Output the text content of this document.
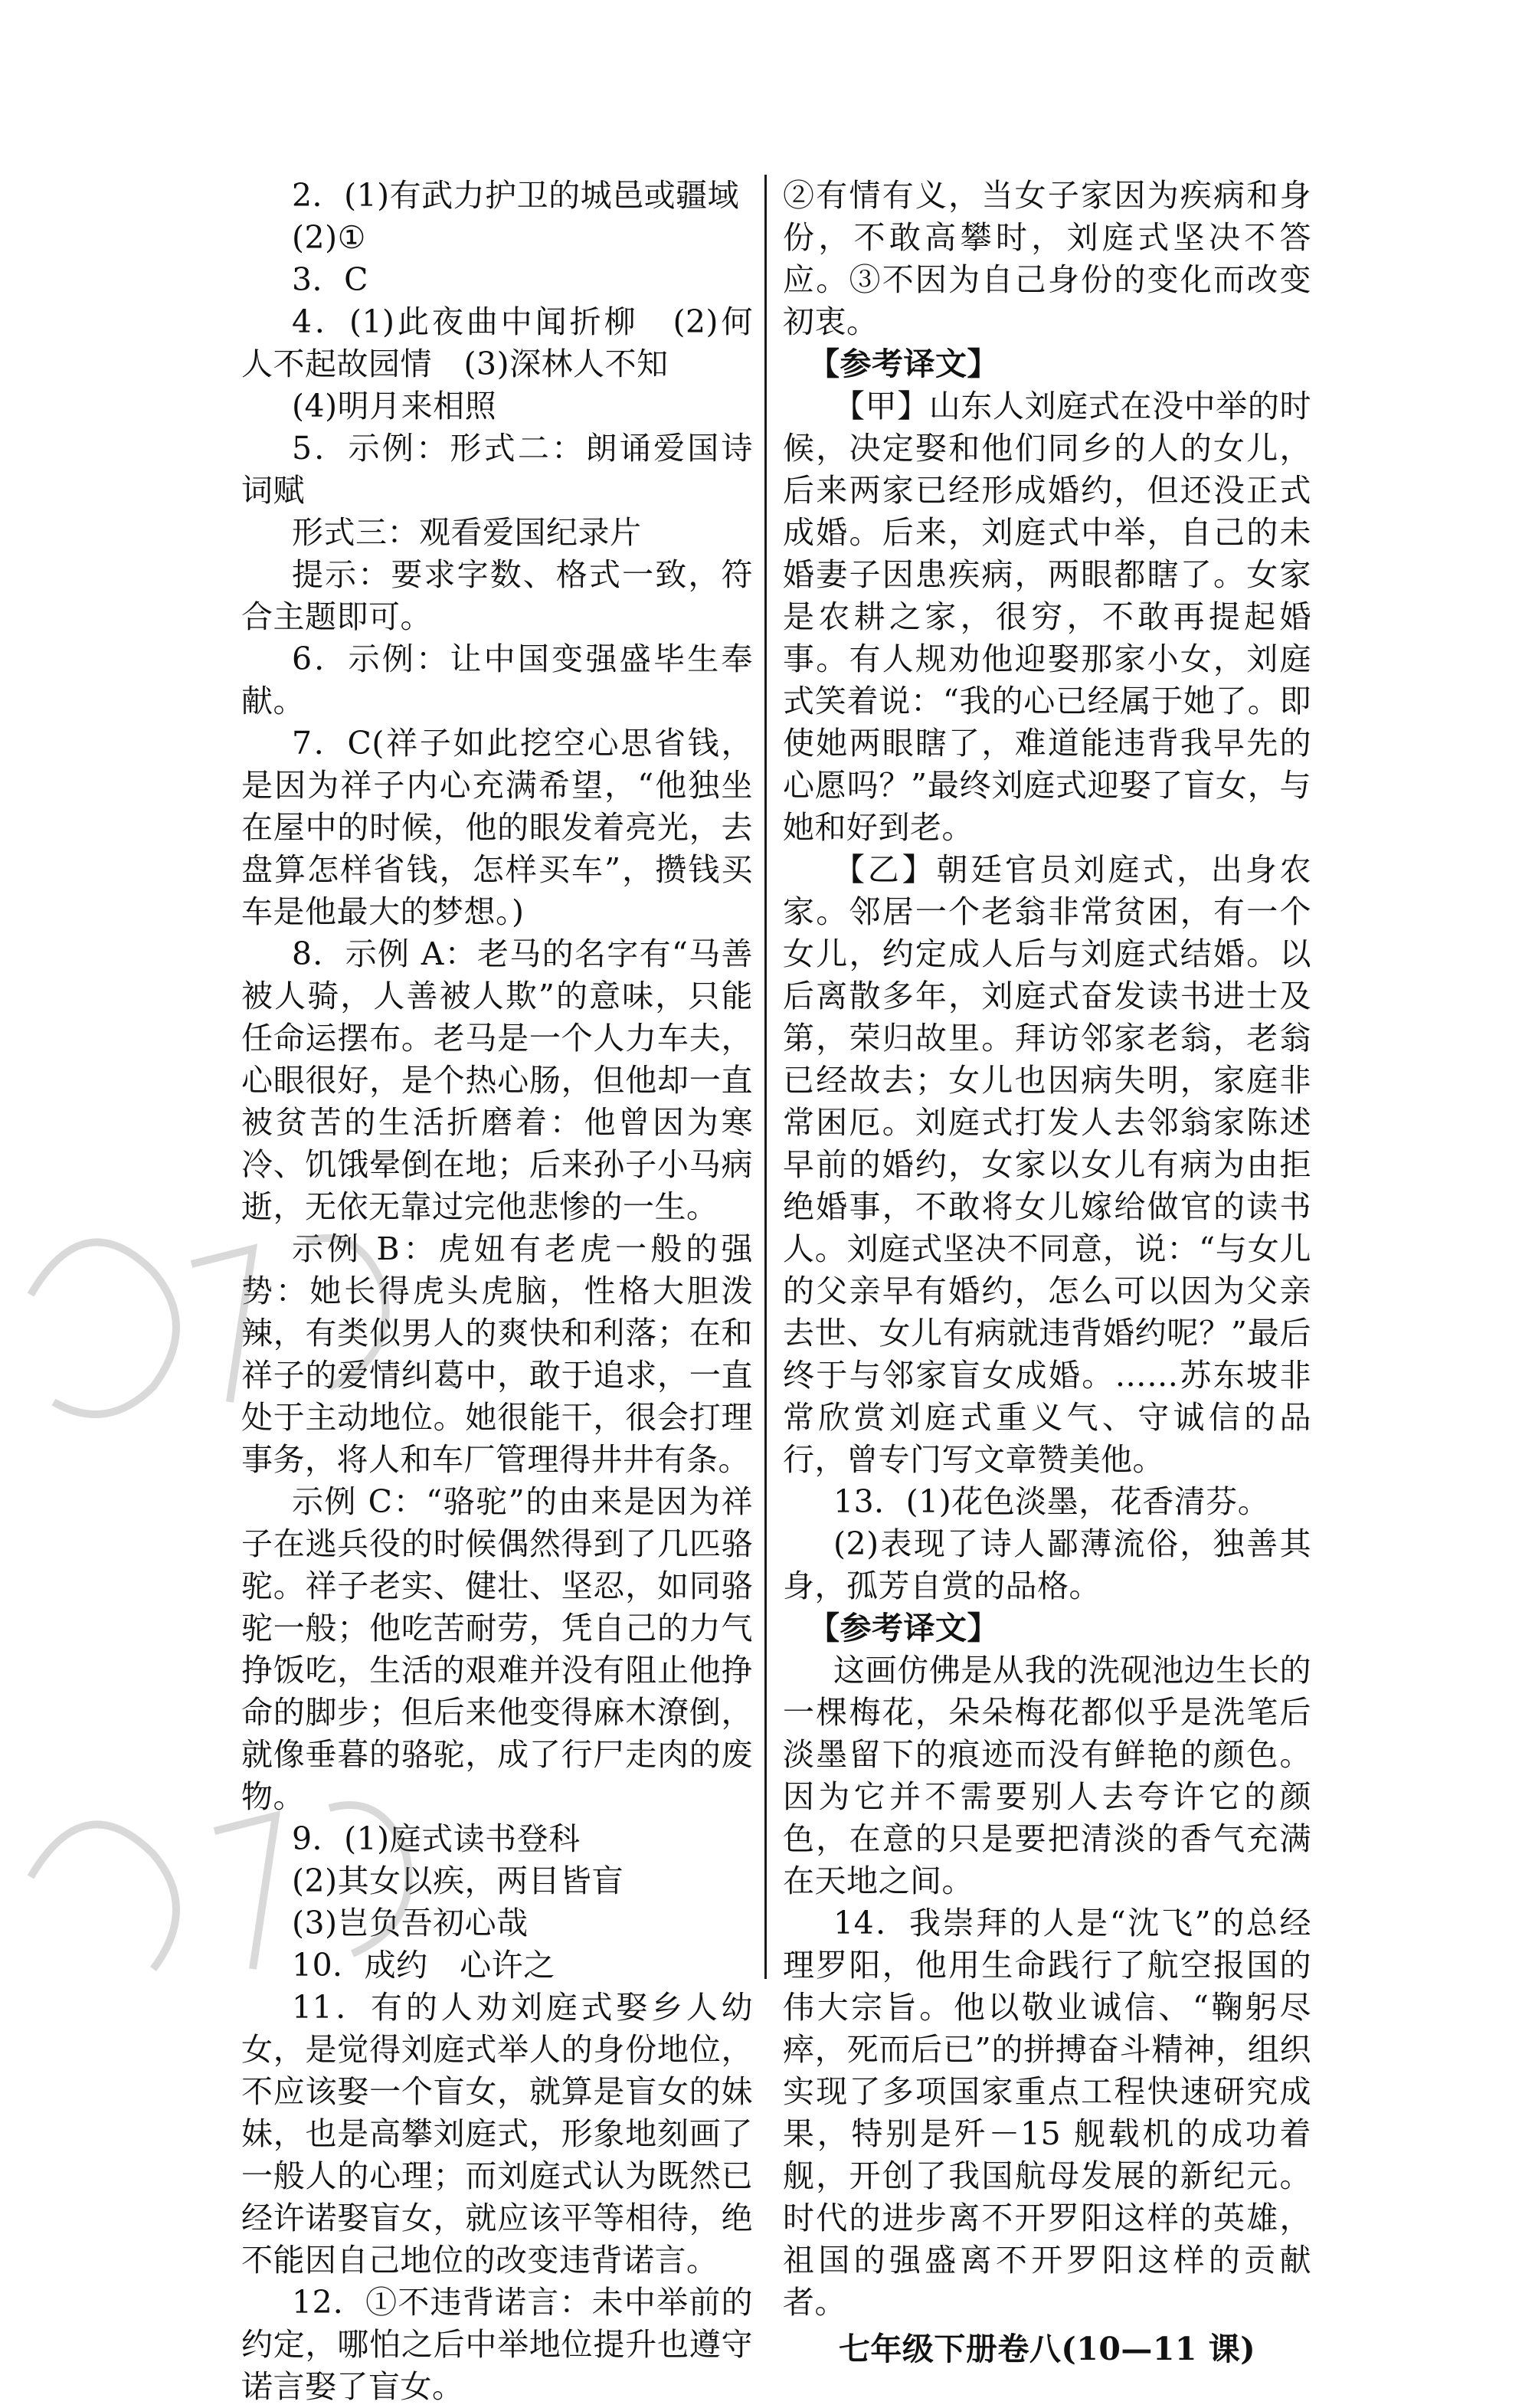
2．(1)有武力护卫的城邑或疆域

(2)①

3．C

4．(1)此夜曲中闻折柳　(2)何人不起故园情　(3)深林人不知

(4)明月来相照

5．示例：形式二：朗诵爱国诗词赋

形式三：观看爱国纪录片

提示：要求字数、格式一致，符合主题即可。

6．示例：让中国变强盛毕生奉献。

7．C(祥子如此挖空心思省钱，是因为祥子内心充满希望，“他独坐在屋中的时候，他的眼发着亮光，去盘算怎样省钱，怎样买车”，攒钱买车是他最大的梦想。)

8．示例 A：老马的名字有“马善被人骑，人善被人欺”的意味，只能任命运摆布。老马是一个人力车夫，心眼很好，是个热心肠，但他却一直被贫苦的生活折磨着：他曾因为寒冷、饥饿晕倒在地；后来孙子小马病逝，无依无靠过完他悲惨的一生。

示例 B：虎妞有老虎一般的强势：她长得虎头虎脑，性格大胆泼辣，有类似男人的爽快和利落；在和祥子的爱情纠葛中，敢于追求，一直处于主动地位。她很能干，很会打理事务，将人和车厂管理得井井有条。

示例 C：“骆驼”的由来是因为祥子在逃兵役的时候偶然得到了几匹骆驼。祥子老实、健壮、坚忍，如同骆驼一般；他吃苦耐劳，凭自己的力气挣饭吃，生活的艰难并没有阻止他挣命的脚步；但后来他变得麻木潦倒，就像垂暮的骆驼，成了行尸走肉的废物。

9．(1)庭式读书登科

(2)其女以疾，两目皆盲

(3)岂负吾初心哉

10．成约　心许之

11．有的人劝刘庭式娶乡人幼女，是觉得刘庭式举人的身份地位，不应该娶一个盲女，就算是盲女的妹妹，也是高攀刘庭式，形象地刻画了一般人的心理；而刘庭式认为既然已经许诺娶盲女，就应该平等相待，绝不能因自己地位的改变违背诺言。

12．①不违背诺言：未中举前的约定，哪怕之后中举地位提升也遵守诺言娶了盲女。

②有情有义，当女子家因为疾病和身份，不敢高攀时，刘庭式坚决不答应。③不因为自己身份的变化而改变初衷。

【参考译文】

【甲】山东人刘庭式在没中举的时候，决定娶和他们同乡的人的女儿，后来两家已经形成婚约，但还没正式成婚。后来，刘庭式中举，自己的未婚妻子因患疾病，两眼都瞎了。女家是农耕之家，很穷，不敢再提起婚事。有人规劝他迎娶那家小女，刘庭式笑着说：“我的心已经属于她了。即使她两眼瞎了，难道能违背我早先的心愿吗？”最终刘庭式迎娶了盲女，与她和好到老。

【乙】朝廷官员刘庭式，出身农家。邻居一个老翁非常贫困，有一个女儿，约定成人后与刘庭式结婚。以后离散多年，刘庭式奋发读书进士及第，荣归故里。拜访邻家老翁，老翁已经故去；女儿也因病失明，家庭非常困厄。刘庭式打发人去邻翁家陈述早前的婚约，女家以女儿有病为由拒绝婚事，不敢将女儿嫁给做官的读书人。刘庭式坚决不同意，说：“与女儿的父亲早有婚约，怎么可以因为父亲去世、女儿有病就违背婚约呢？”最后终于与邻家盲女成婚。……苏东坡非常欣赏刘庭式重义气、守诚信的品行，曾专门写文章赞美他。

13．(1)花色淡墨，花香清芬。

(2)表现了诗人鄙薄流俗，独善其身，孤芳自赏的品格。

【参考译文】

这画仿佛是从我的洗砚池边生长的一棵梅花，朵朵梅花都似乎是洗笔后淡墨留下的痕迹而没有鲜艳的颜色。因为它并不需要别人去夸许它的颜色，在意的只是要把清淡的香气充满在天地之间。

14．我崇拜的人是“沈飞”的总经理罗阳，他用生命践行了航空报国的伟大宗旨。他以敬业诚信、“鞠躬尽瘁，死而后已”的拼搏奋斗精神，组织实现了多项国家重点工程快速研究成果，特别是歼－15 舰载机的成功着舰，开创了我国航母发展的新纪元。时代的进步离不开罗阳这样的英雄，祖国的强盛离不开罗阳这样的贡献者。

七年级下册卷八(10—11 课)
